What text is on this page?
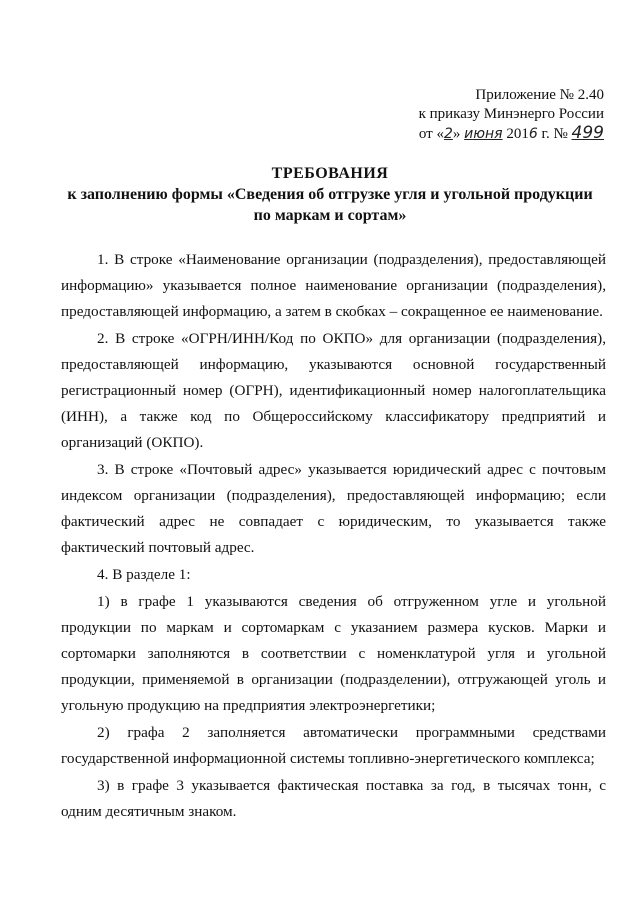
Приложение № 2.40
к приказу Минэнерго России
от «2» июня 2016 г. № 499
ТРЕБОВАНИЯ
к заполнению формы «Сведения об отгрузке угля и угольной продукции по маркам и сортам»

1. В строке «Наименование организации (подразделения), предоставляющей информацию» указывается полное наименование организации (подразделения), предоставляющей информацию, а затем в скобках – сокращенное ее наименование.

2. В строке «ОГРН/ИНН/Код по ОКПО» для организации (подразделения), предоставляющей информацию, указываются основной государственный регистрационный номер (ОГРН), идентификационный номер налогоплательщика (ИНН), а также код по Общероссийскому классификатору предприятий и организаций (ОКПО).

3. В строке «Почтовый адрес» указывается юридический адрес с почтовым индексом организации (подразделения), предоставляющей информацию; если фактический адрес не совпадает с юридическим, то указывается также фактический почтовый адрес.

4. В разделе 1:

1) в графе 1 указываются сведения об отгруженном угле и угольной продукции по маркам и сортомаркам с указанием размера кусков. Марки и сортомарки заполняются в соответствии с номенклатурой угля и угольной продукции, применяемой в организации (подразделении), отгружающей уголь и угольную продукцию на предприятия электроэнергетики;

2) графа 2 заполняется автоматически программными средствами государственной информационной системы топливно-энергетического комплекса;

3) в графе 3 указывается фактическая поставка за год, в тысячах тонн, с одним десятичным знаком.
